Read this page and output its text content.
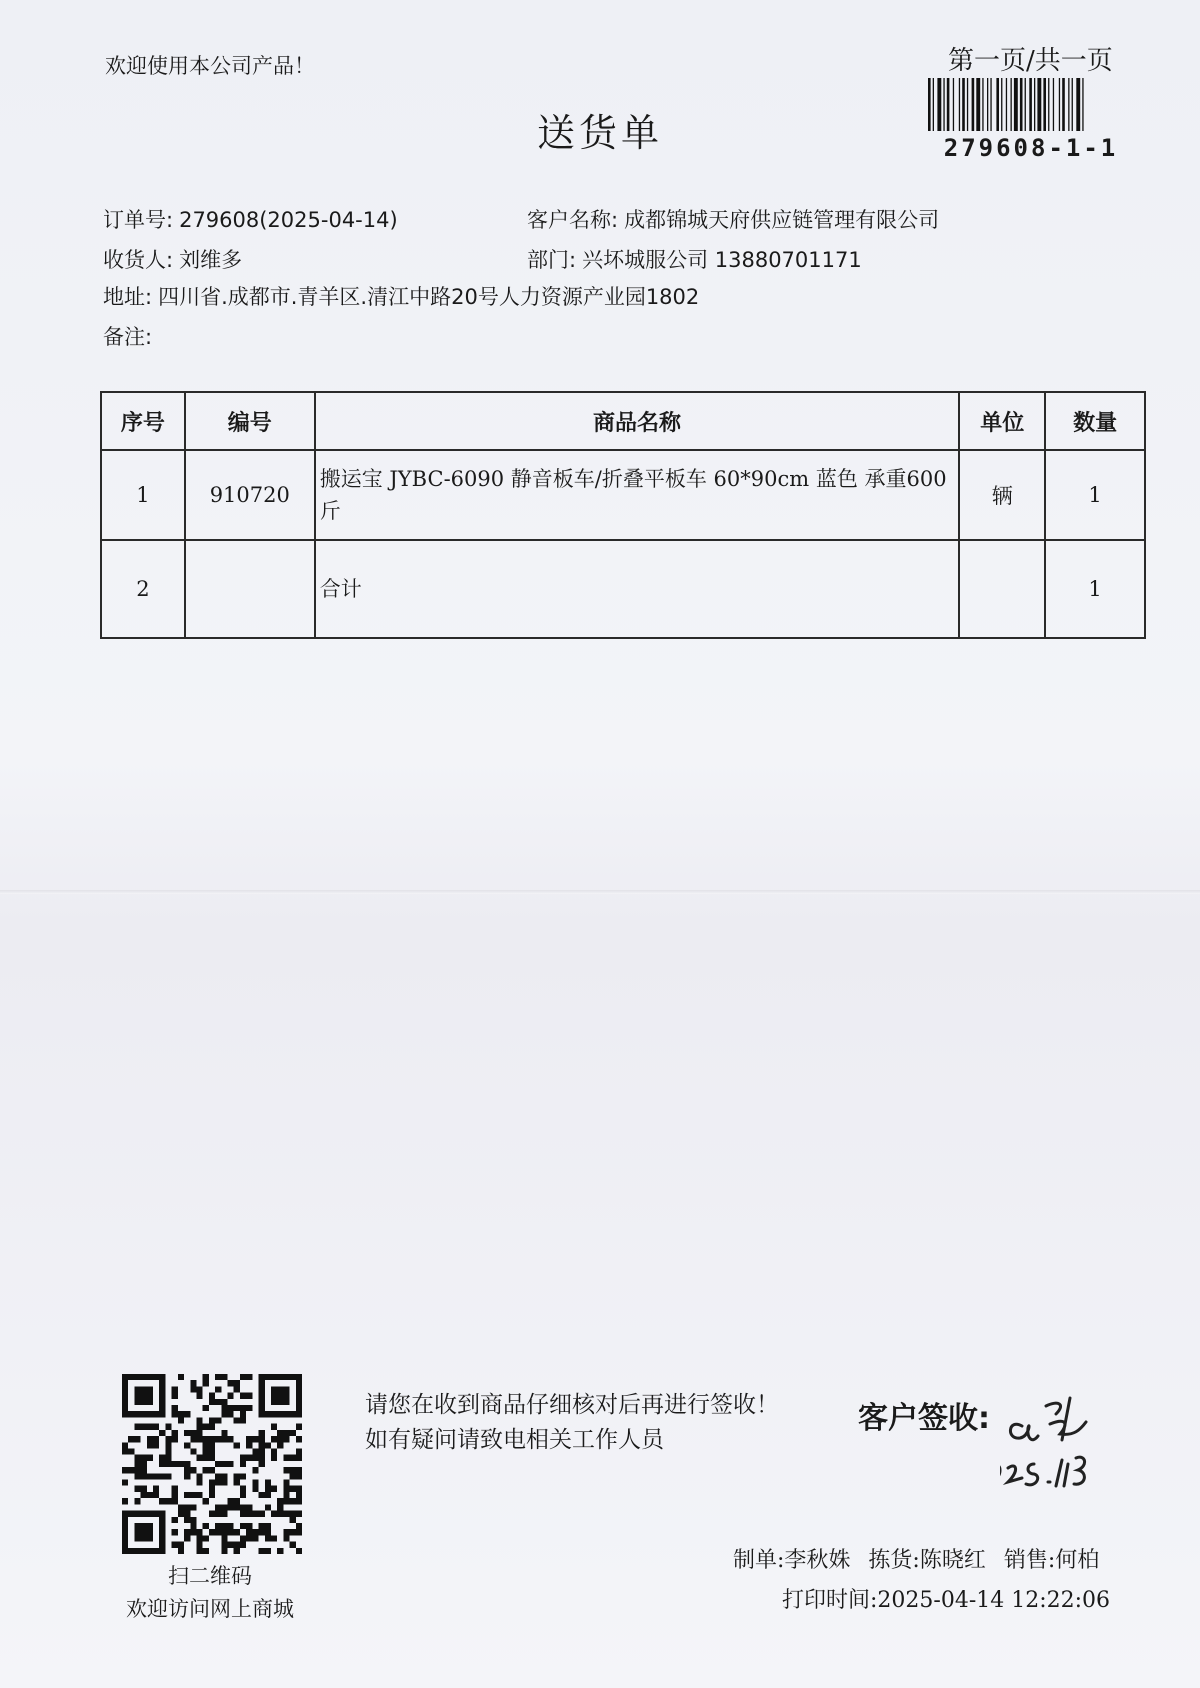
欢迎使用本公司产品！
送货单
第一页/共一页
279608-1-1
订单号: 279608(2025-04-14)	客户名称: 成都锦城天府供应链管理有限公司
收货人: 刘维多	部门: 兴坏城服公司 13880701171
地址: 四川省.成都市.青羊区.清江中路20号人力资源产业园1802
备注:
序号	编号	商品名称	单位	数量
1	910720	搬运宝 JYBC-6090 静音板车/折叠平板车 60*90cm 蓝色 承重600斤	辆	1
2		合计		1
扫二维码
欢迎访问网上商城
请您在收到商品仔细核对后再进行签收！如有疑问请致电相关工作人员
客户签收:
制单:李秋姝 拣货:陈晓红 销售:何柏
打印时间:2025-04-14 12:22:06
